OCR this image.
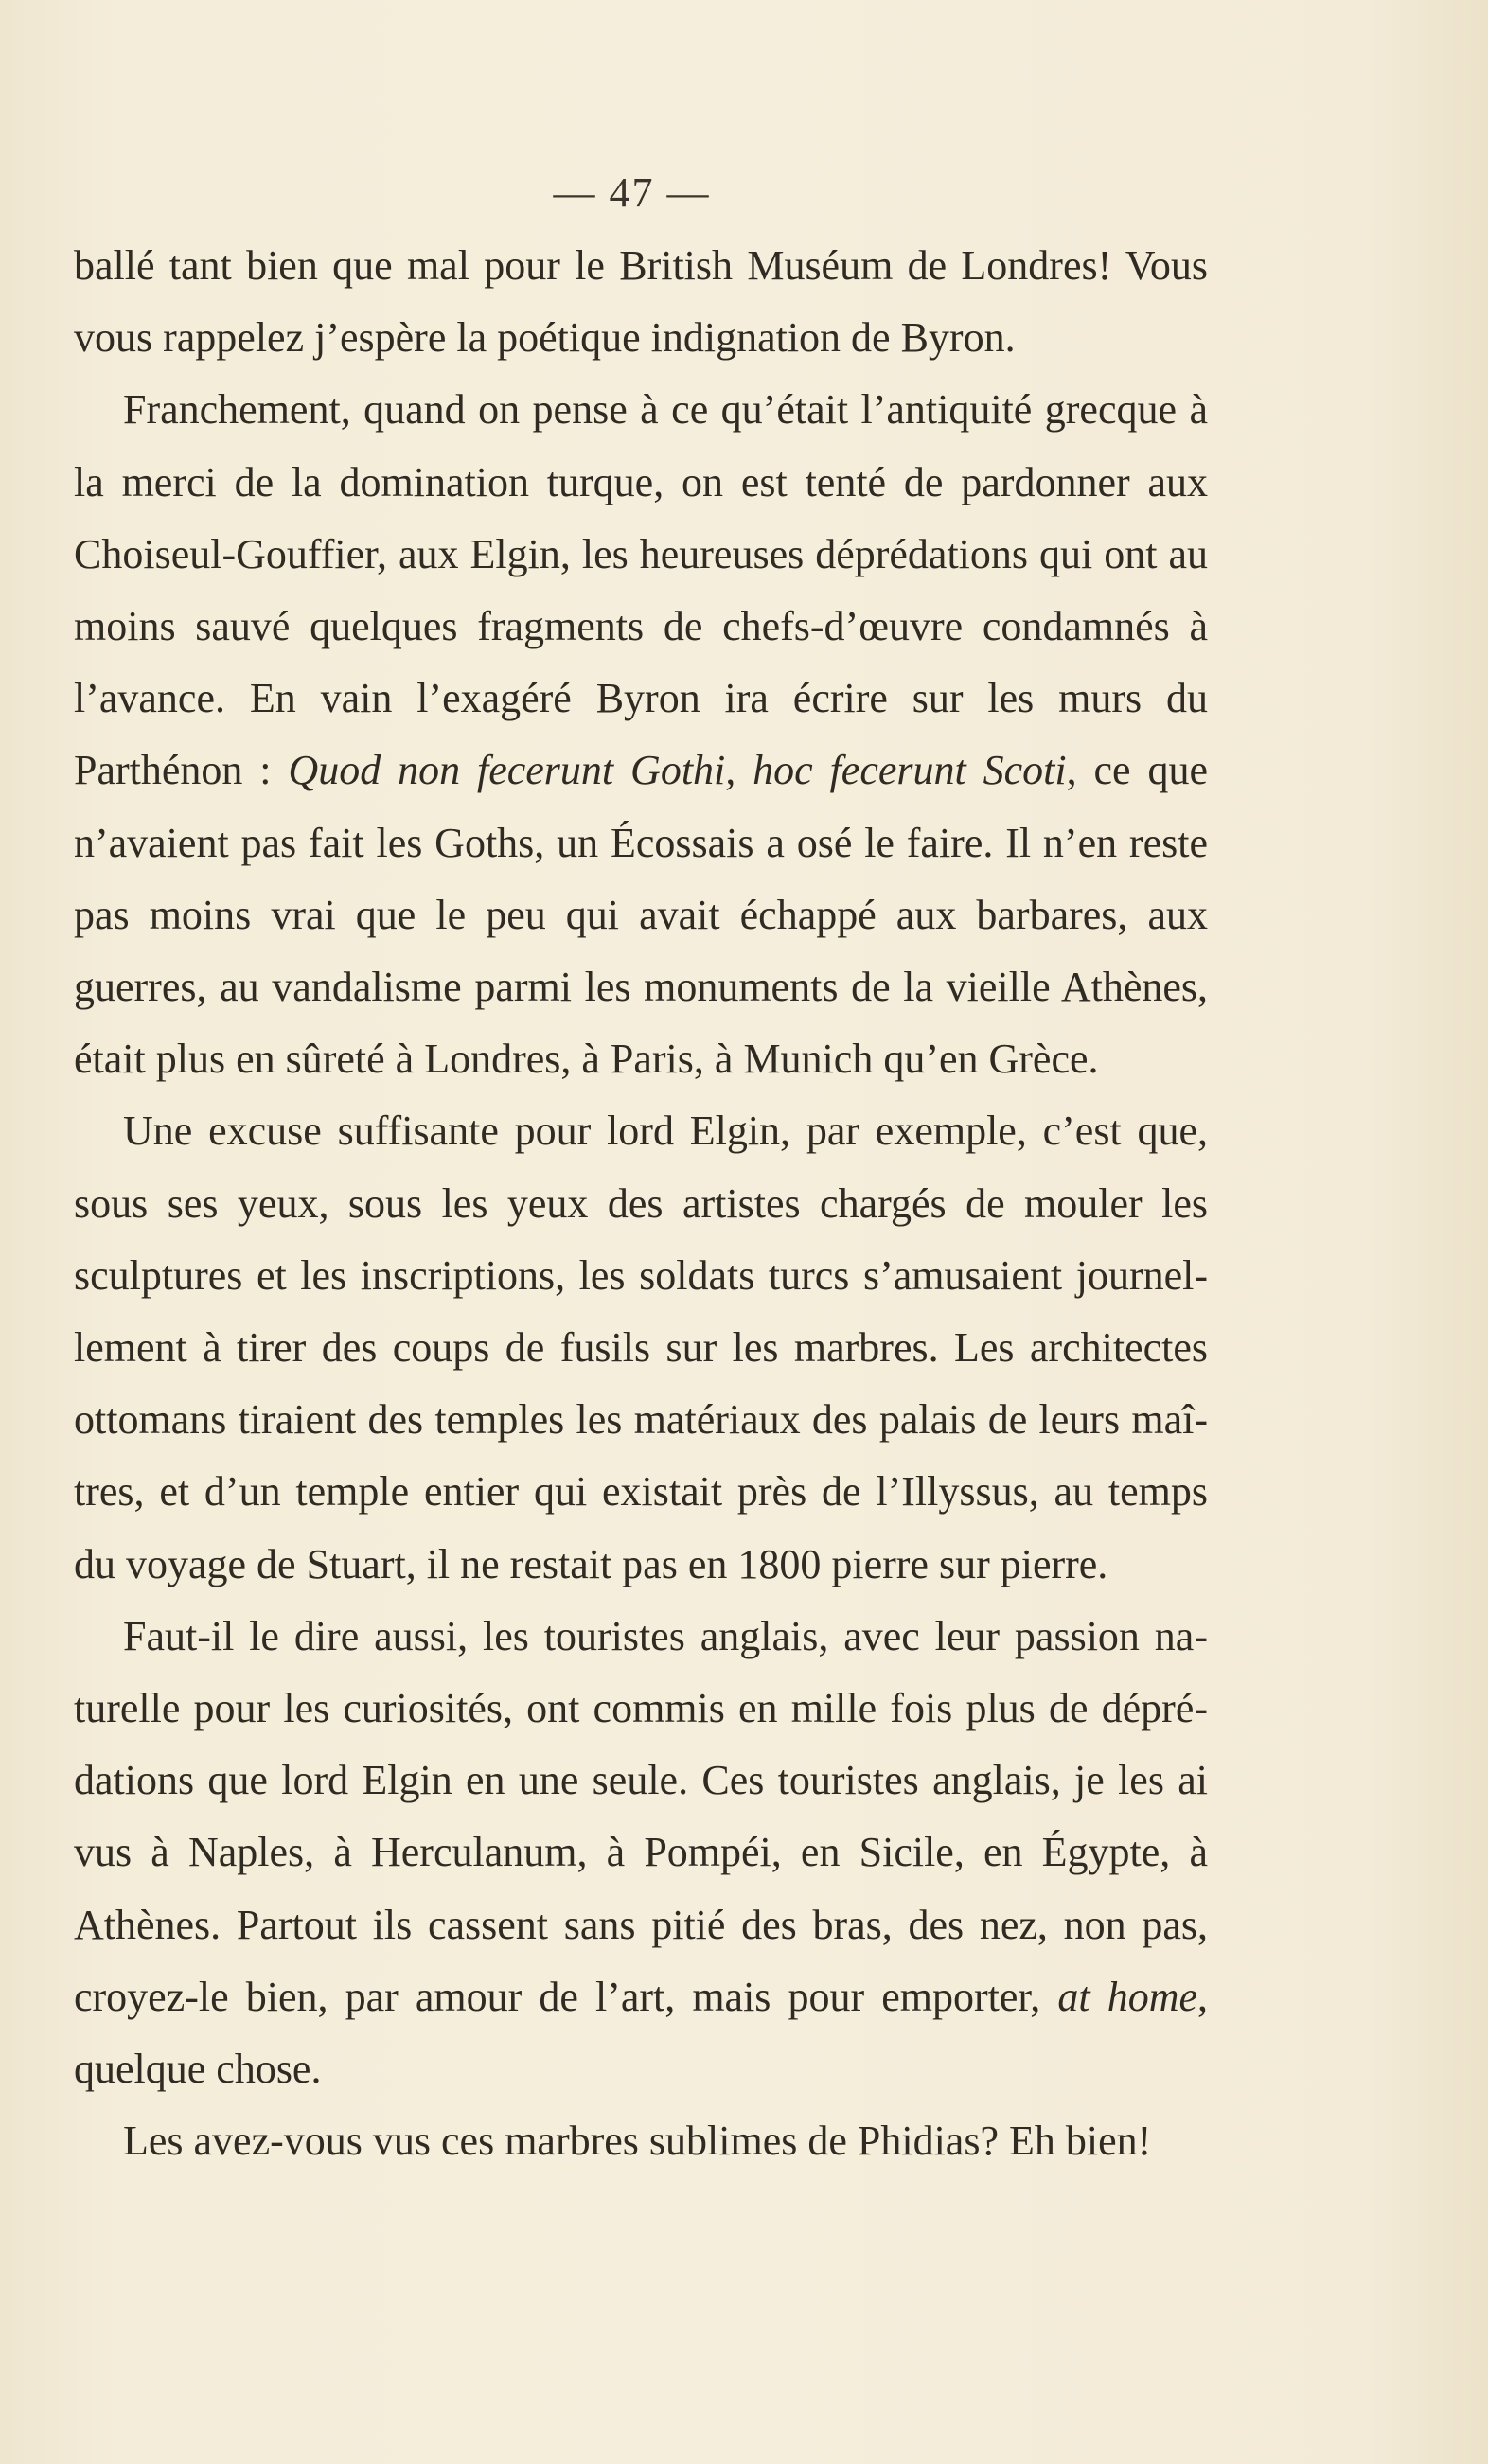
— 47 —

ballé tant bien que mal pour le British Muséum de Londres! Vous vous rappelez j’espère la poétique indignation de Byron.

Franchement, quand on pense à ce qu’était l’antiquité grecque à la merci de la domination turque, on est tenté de pardonner aux Choiseul-Gouffier, aux Elgin, les heureuses déprédations qui ont au moins sauvé quelques fragments de chefs-d’œuvre condamnés à l’avance. En vain l’exagéré Byron ira écrire sur les murs du Parthénon : Quod non fecerunt Gothi, hoc fecerunt Scoti, ce que n’avaient pas fait les Goths, un Écossais a osé le faire. Il n’en reste pas moins vrai que le peu qui avait échappé aux barbares, aux guerres, au vandalisme parmi les monuments de la vieille Athènes, était plus en sûreté à Londres, à Paris, à Munich qu’en Grèce.

Une excuse suffisante pour lord Elgin, par exemple, c’est que, sous ses yeux, sous les yeux des artistes chargés de mouler les sculptures et les inscriptions, les soldats turcs s’amusaient journel-lement à tirer des coups de fusils sur les marbres. Les architectes ottomans tiraient des temples les matériaux des palais de leurs maî-tres, et d’un temple entier qui existait près de l’Illyssus, au temps du voyage de Stuart, il ne restait pas en 1800 pierre sur pierre.

Faut-il le dire aussi, les touristes anglais, avec leur passion na-turelle pour les curiosités, ont commis en mille fois plus de dépré-dations que lord Elgin en une seule. Ces touristes anglais, je les ai vus à Naples, à Herculanum, à Pompéi, en Sicile, en Égypte, à Athènes. Partout ils cassent sans pitié des bras, des nez, non pas, croyez-le bien, par amour de l’art, mais pour emporter, at home, quelque chose.

Les avez-vous vus ces marbres sublimes de Phidias? Eh bien!
